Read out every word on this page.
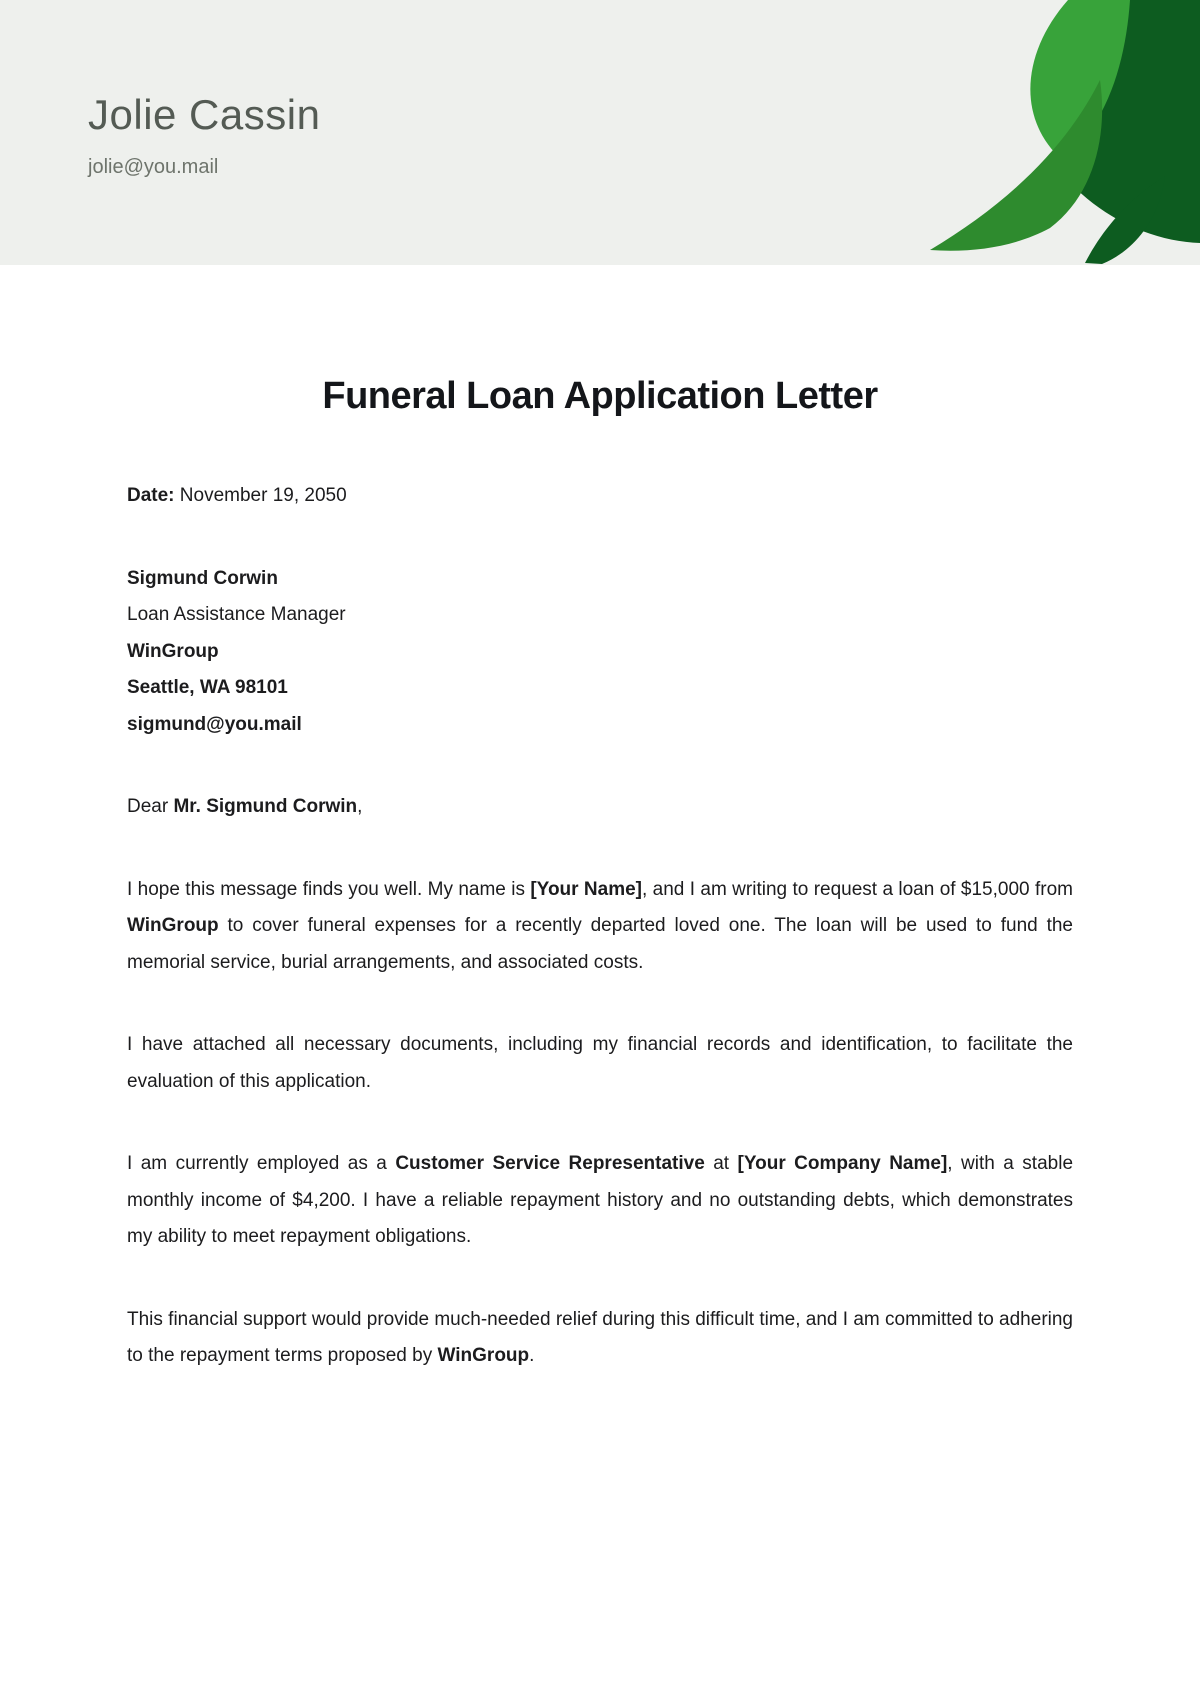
Jolie Cassin
jolie@you.mail
Funeral Loan Application Letter

Date: November 19, 2050

Sigmund Corwin

Loan Assistance Manager

WinGroup

Seattle, WA 98101

sigmund@you.mail

Dear Mr. Sigmund Corwin,

I hope this message finds you well. My name is [Your Name], and I am writing to request a loan of $15,000 from WinGroup to cover funeral expenses for a recently departed loved one. The loan will be used to fund the memorial service, burial arrangements, and associated costs.

I have attached all necessary documents, including my financial records and identification, to facilitate the evaluation of this application.

I am currently employed as a Customer Service Representative at [Your Company Name], with a stable monthly income of $4,200. I have a reliable repayment history and no outstanding debts, which demonstrates my ability to meet repayment obligations.

This financial support would provide much-needed relief during this difficult time, and I am committed to adhering to the repayment terms proposed by WinGroup.
